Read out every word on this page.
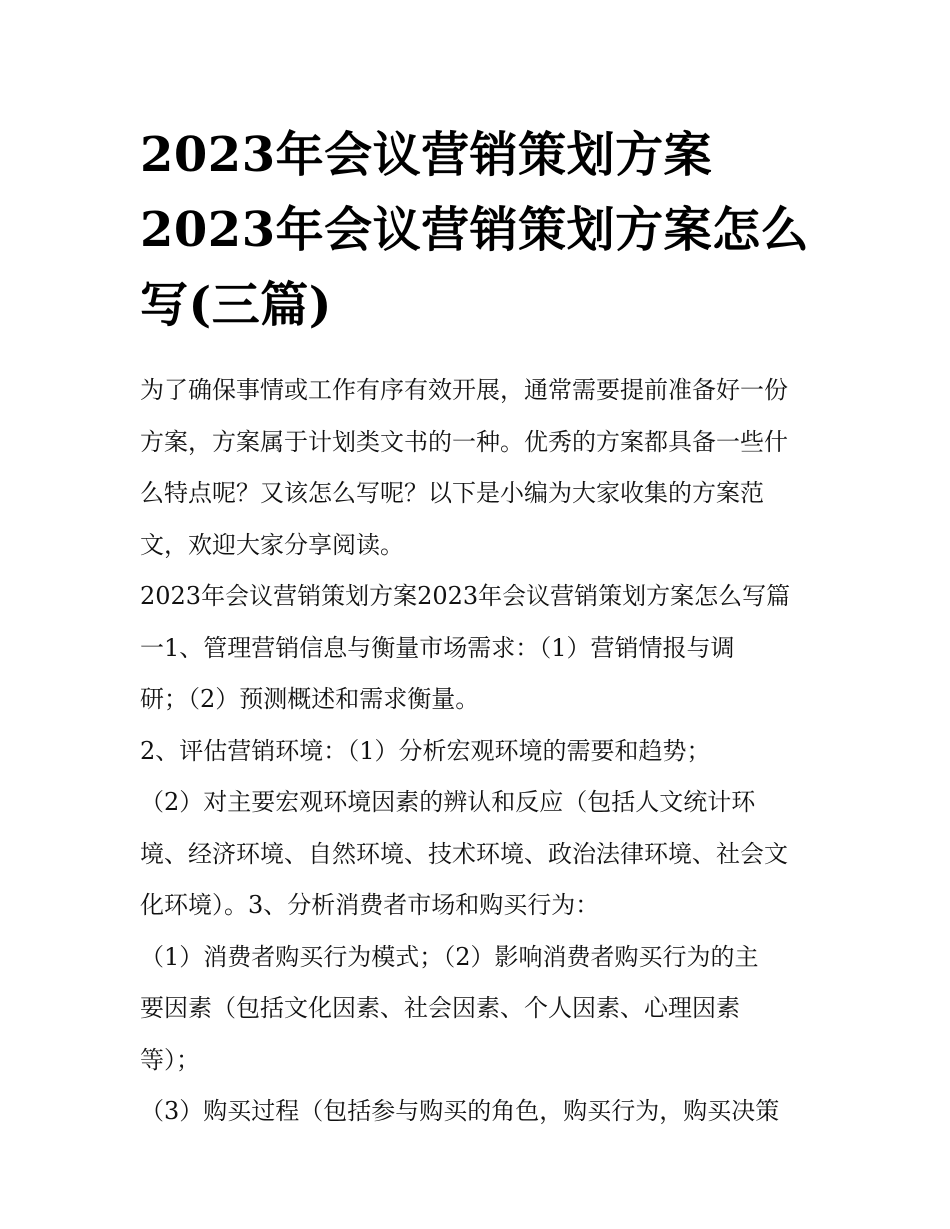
2023年会议营销策划方案
2023年会议营销策划方案怎么
写(三篇)
为了确保事情或工作有序有效开展，通常需要提前准备好一份
方案，方案属于计划类文书的一种。优秀的方案都具备一些什
么特点呢？又该怎么写呢？以下是小编为大家收集的方案范
文，欢迎大家分享阅读。
2023年会议营销策划方案2023年会议营销策划方案怎么写篇
一1、管理营销信息与衡量市场需求：（1）营销情报与调
研；（2）预测概述和需求衡量。
2、评估营销环境：（1）分析宏观环境的需要和趋势；
（2）对主要宏观环境因素的辨认和反应（包括人文统计环
境、经济环境、自然环境、技术环境、政治法律环境、社会文
化环境）。3、分析消费者市场和购买行为：
（1）消费者购买行为模式；（2）影响消费者购买行为的主
要因素（包括文化因素、社会因素、个人因素、心理因素
等）；
（3）购买过程（包括参与购买的角色，购买行为，购买决策
